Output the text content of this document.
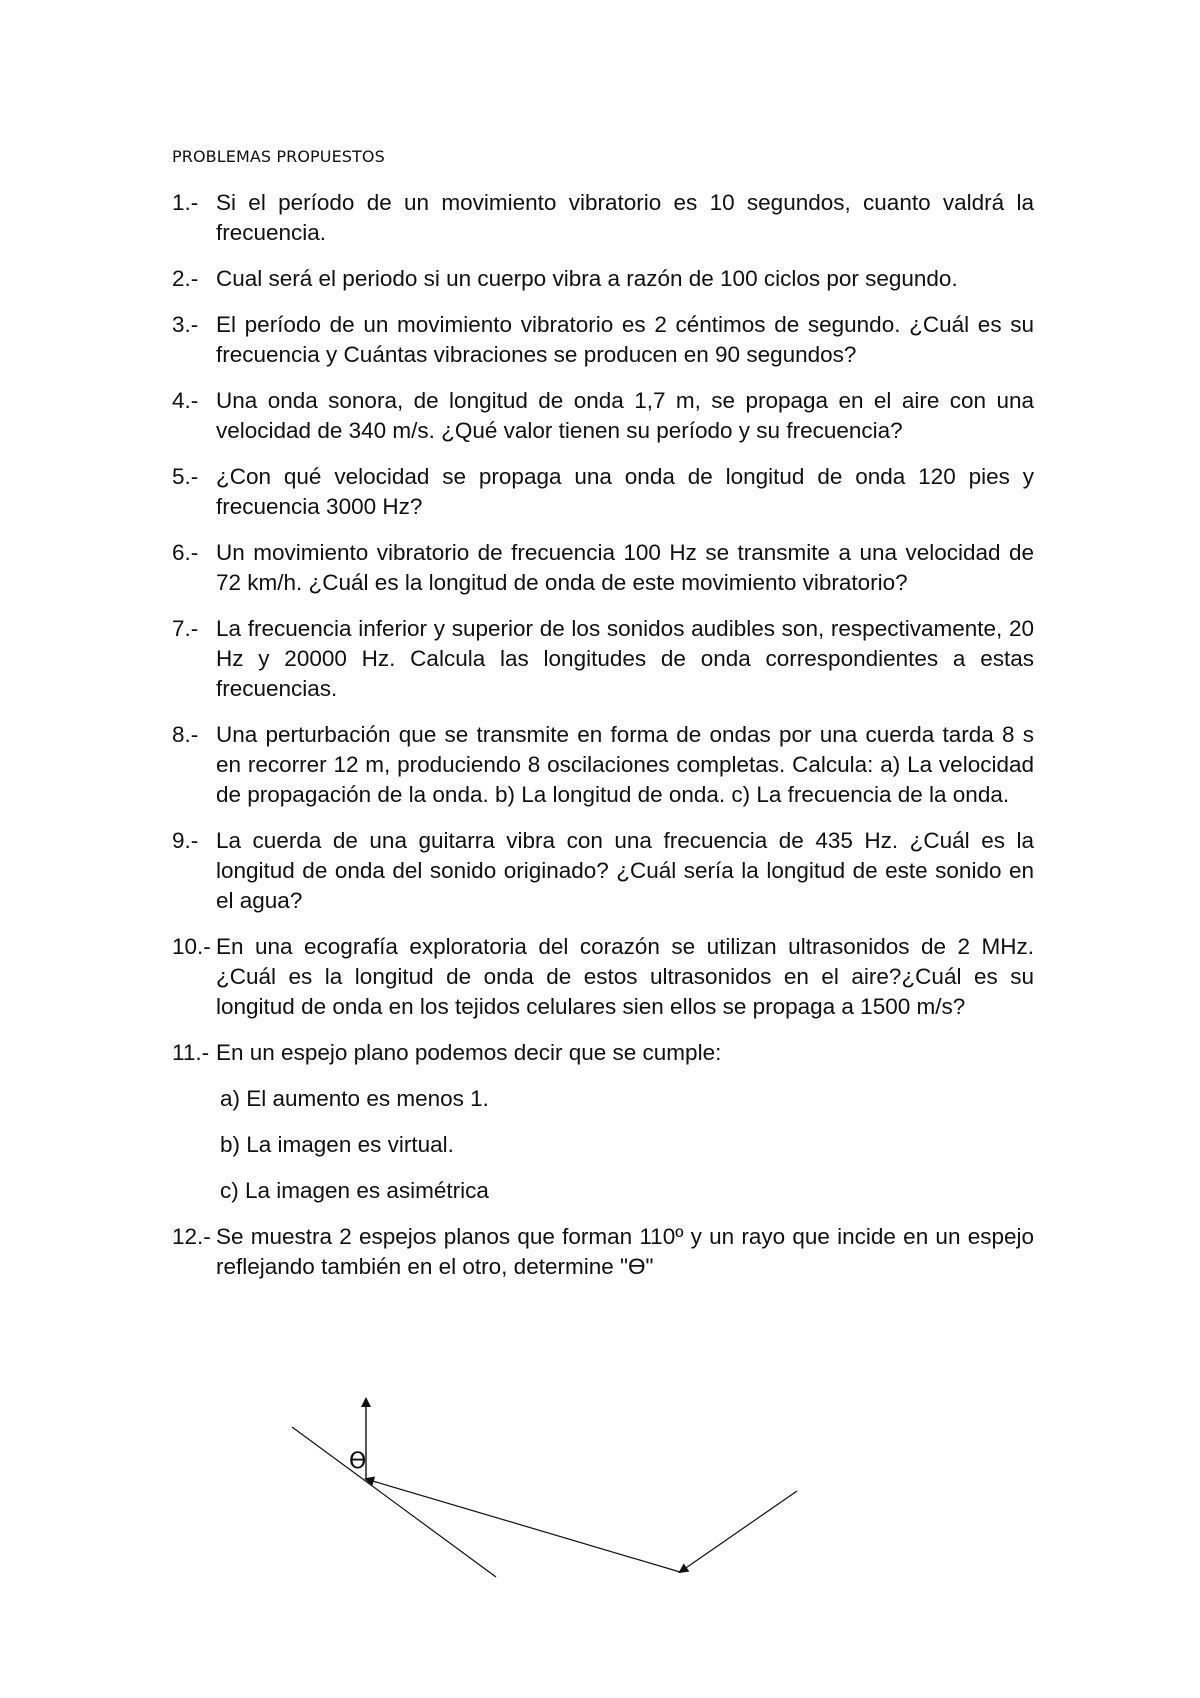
PROBLEMAS PROPUESTOS
1.- Si el período de un movimiento vibratorio es 10 segundos, cuanto valdrá la frecuencia.
2.- Cual será el periodo si un cuerpo vibra a razón de 100 ciclos por segundo.
3.- El período de un movimiento vibratorio es 2 céntimos de segundo. ¿Cuál es su frecuencia y Cuántas vibraciones se producen en 90 segundos?
4.- Una onda sonora, de longitud de onda 1,7 m, se propaga en el aire con una velocidad de 340 m/s. ¿Qué valor tienen su período y su frecuencia?
5.- ¿Con qué velocidad se propaga una onda de longitud de onda 120 pies y frecuencia 3000 Hz?
6.- Un movimiento vibratorio de frecuencia 100 Hz se transmite a una velocidad de 72 km/h. ¿Cuál es la longitud de onda de este movimiento vibratorio?
7.- La frecuencia inferior y superior de los sonidos audibles son, respectivamente, 20 Hz y 20000 Hz. Calcula las longitudes de onda correspondientes a estas frecuencias.
8.- Una perturbación que se transmite en forma de ondas por una cuerda tarda 8 s en recorrer 12 m, produciendo 8 oscilaciones completas. Calcula: a) La velocidad de propagación de la onda. b) La longitud de onda. c) La frecuencia de la onda.
9.- La cuerda de una guitarra vibra con una frecuencia de 435 Hz. ¿Cuál es la longitud de onda del sonido originado? ¿Cuál sería la longitud de este sonido en el agua?
10.- En una ecografía exploratoria del corazón se utilizan ultrasonidos de 2 MHz. ¿Cuál es la longitud de onda de estos ultrasonidos en el aire?¿Cuál es su longitud de onda en los tejidos celulares sien ellos se propaga a 1500 m/s?
11.- En un espejo plano podemos decir que se cumple:
a) El aumento es menos 1.
b) La imagen es virtual.
c) La imagen es asimétrica
12.- Se muestra 2 espejos planos que forman 110º y un rayo que incide en un espejo reflejando también en el otro, determine "ϴ"
ϴ
